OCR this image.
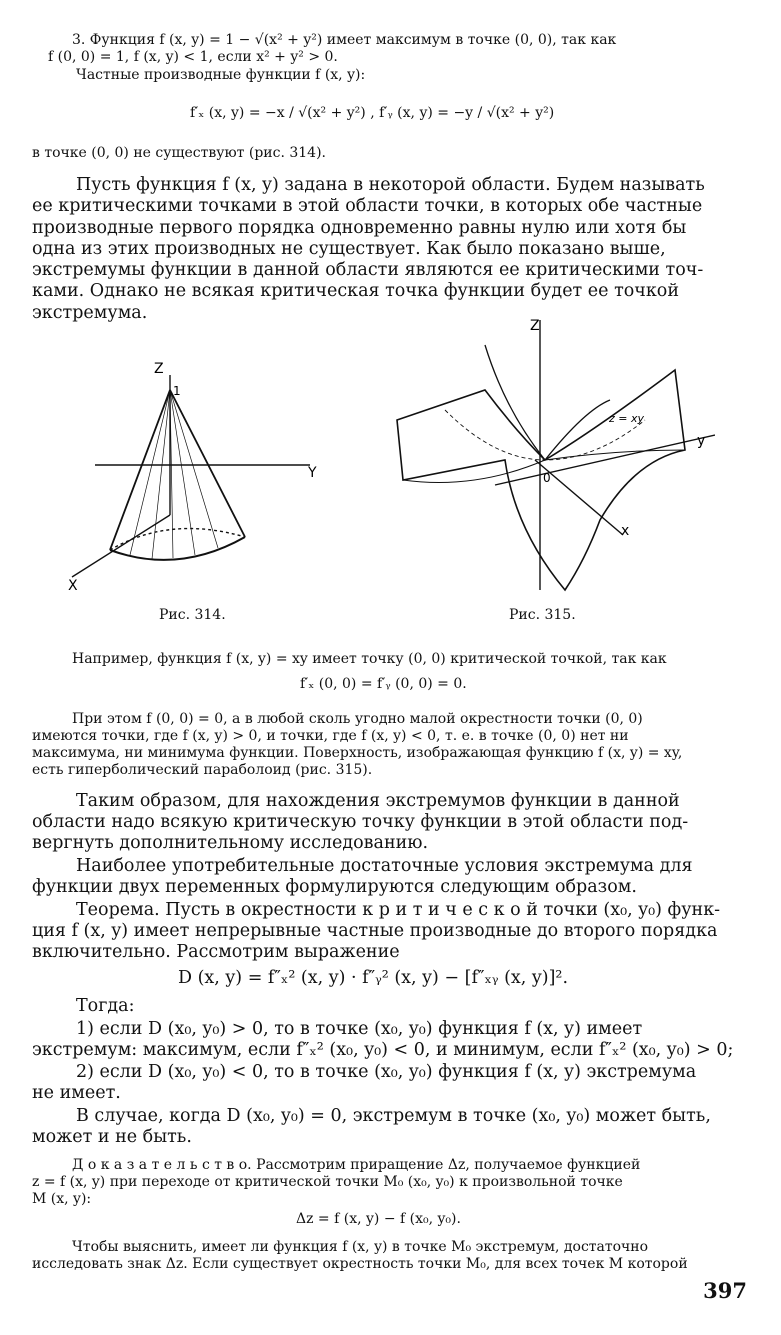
3. Функция f (x, y) = 1 − √(x² + y²) имеет максимум в точке (0, 0), так как
f (0, 0) = 1, f (x, y) < 1, если x² + y² > 0.
Частные производные функции f (x, y):
f′ₓ (x, y) = −x / √(x² + y²) , f′ᵧ (x, y) = −y / √(x² + y²)
в точке (0, 0) не существуют (рис. 314).
Пусть функция f (x, y) задана в некоторой области. Будем называть
ее критическими точками в этой области точки, в которых обе частные
производные первого порядка одновременно равны нулю или хотя бы
одна из этих производных не существует. Как было показано выше,
экстремумы функции в данной области являются ее критическими точ-
ками. Однако не всякая критическая точка функции будет ее точкой
экстремума.
Например, функция f (x, y) = xy имеет точку (0, 0) критической точкой, так как
f′ₓ (0, 0) = f′ᵧ (0, 0) = 0.
При этом f (0, 0) = 0, а в любой сколь угодно малой окрестности точки (0, 0)
имеются точки, где f (x, y) > 0, и точки, где f (x, y) < 0, т. е. в точке (0, 0) нет ни
максимума, ни минимума функции. Поверхность, изображающая функцию f (x, y) = xy,
есть гиперболический параболоид (рис. 315).
Таким образом, для нахождения экстремумов функции в данной
области надо всякую критическую точку функции в этой области под-
вергнуть дополнительному исследованию.
Наиболее употребительные достаточные условия экстремума для
функции двух переменных формулируются следующим образом.
Теорема. Пусть в окрестности к р и т и ч е с к о й точки (x₀, y₀) функ-
ция f (x, y) имеет непрерывные частные производные до второго порядка
включительно. Рассмотрим выражение
D (x, y) = f″ₓ² (x, y) · f″ᵧ² (x, y) − [f″ₓᵧ (x, y)]².
Тогда:
1) если D (x₀, y₀) > 0, то в точке (x₀, y₀) функция f (x, y) имеет
экстремум: максимум, если f″ₓ² (x₀, y₀) < 0, и минимум, если f″ₓ² (x₀, y₀) > 0;
2) если D (x₀, y₀) < 0, то в точке (x₀, y₀) функция f (x, y) экстремума
не имеет.
В случае, когда D (x₀, y₀) = 0, экстремум в точке (x₀, y₀) может быть,
может и не быть.
Д о к а з а т е л ь с т в о. Рассмотрим приращение Δz, получаемое функцией
z = f (x, y) при переходе от критической точки M₀ (x₀, y₀) к произвольной точке
M (x, y):
Δz = f (x, y) − f (x₀, y₀).
Чтобы выяснить, имеет ли функция f (x, y) в точке M₀ экстремум, достаточно
исследовать знак Δz. Если существует окрестность точки M₀, для всех точек M которой
Z
Y
X
1
Рис. 314.
Z
y
x
0
z = xy
Рис. 315.
397
